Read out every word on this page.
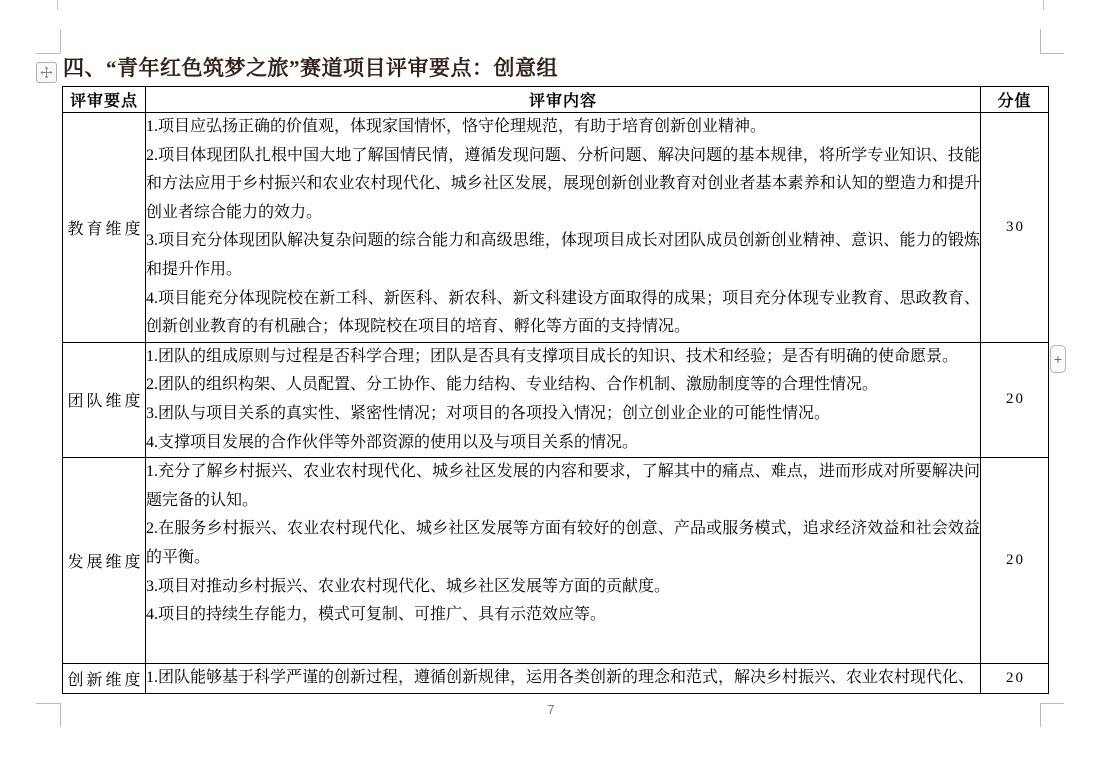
四、“青年红色筑梦之旅”赛道项目评审要点：创意组
评审要点	评审内容	分值
教育维度	1.项目应弘扬正确的价值观，体现家国情怀，恪守伦理规范，有助于培育创新创业精神。

2.项目体现团队扎根中国大地了解国情民情，遵循发现问题、分析问题、解决问题的基本规律，将所学专业知识、技能和方法应用于乡村振兴和农业农村现代化、城乡社区发展，展现创新创业教育对创业者基本素养和认知的塑造力和提升创业者综合能力的效力。

3.项目充分体现团队解决复杂问题的综合能力和高级思维，体现项目成长对团队成员创新创业精神、意识、能力的锻炼和提升作用。

4.项目能充分体现院校在新工科、新医科、新农科、新文科建设方面取得的成果；项目充分体现专业教育、思政教育、创新创业教育的有机融合；体现院校在项目的培育、孵化等方面的支持情况。	30
团队维度	1.团队的组成原则与过程是否科学合理；团队是否具有支撑项目成长的知识、技术和经验；是否有明确的使命愿景。

2.团队的组织构架、人员配置、分工协作、能力结构、专业结构、合作机制、激励制度等的合理性情况。

3.团队与项目关系的真实性、紧密性情况；对项目的各项投入情况；创立创业企业的可能性情况。

4.支撑项目发展的合作伙伴等外部资源的使用以及与项目关系的情况。	20
发展维度	1.充分了解乡村振兴、农业农村现代化、城乡社区发展的内容和要求，了解其中的痛点、难点，进而形成对所要解决问题完备的认知。

2.在服务乡村振兴、农业农村现代化、城乡社区发展等方面有较好的创意、产品或服务模式，追求经济效益和社会效益的平衡。

3.项目对推动乡村振兴、农业农村现代化、城乡社区发展等方面的贡献度。

4.项目的持续生存能力，模式可复制、可推广、具有示范效应等。	20
创新维度	1.团队能够基于科学严谨的创新过程，遵循创新规律，运用各类创新的理念和范式，解决乡村振兴、农业农村现代化、	20
+
7
